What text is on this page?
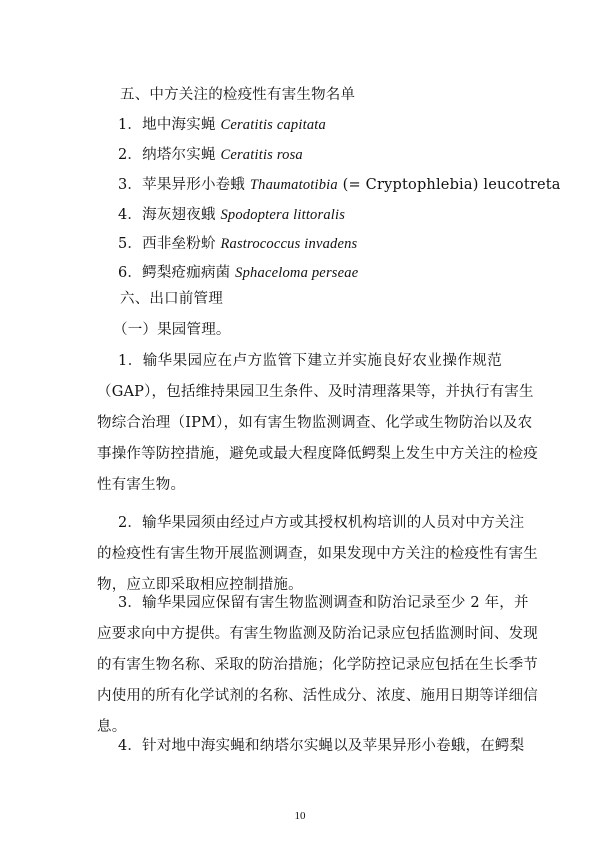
五、中方关注的检疫性有害生物名单
1．地中海实蝇 Ceratitis capitata
2．纳塔尔实蝇 Ceratitis rosa
3．苹果异形小卷蛾 Thaumatotibia (= Cryptophlebia) leucotreta
4．海灰翅夜蛾 Spodoptera littoralis
5．西非垒粉蚧 Rastrococcus invadens
6．鳄梨疮痂病菌 Sphaceloma perseae
六、出口前管理
（一）果园管理。
1．输华果园应在卢方监管下建立并实施良好农业操作规范
（GAP），包括维持果园卫生条件、及时清理落果等，并执行有害生
物综合治理（IPM），如有害生物监测调查、化学或生物防治以及农
事操作等防控措施，避免或最大程度降低鳄梨上发生中方关注的检疫
性有害生物。
2．输华果园须由经过卢方或其授权机构培训的人员对中方关注
的检疫性有害生物开展监测调查，如果发现中方关注的检疫性有害生
物，应立即采取相应控制措施。
3．输华果园应保留有害生物监测调查和防治记录至少 2 年，并
应要求向中方提供。有害生物监测及防治记录应包括监测时间、发现
的有害生物名称、采取的防治措施；化学防控记录应包括在生长季节
内使用的所有化学试剂的名称、活性成分、浓度、施用日期等详细信
息。
4．针对地中海实蝇和纳塔尔实蝇以及苹果异形小卷蛾，在鳄梨
10
